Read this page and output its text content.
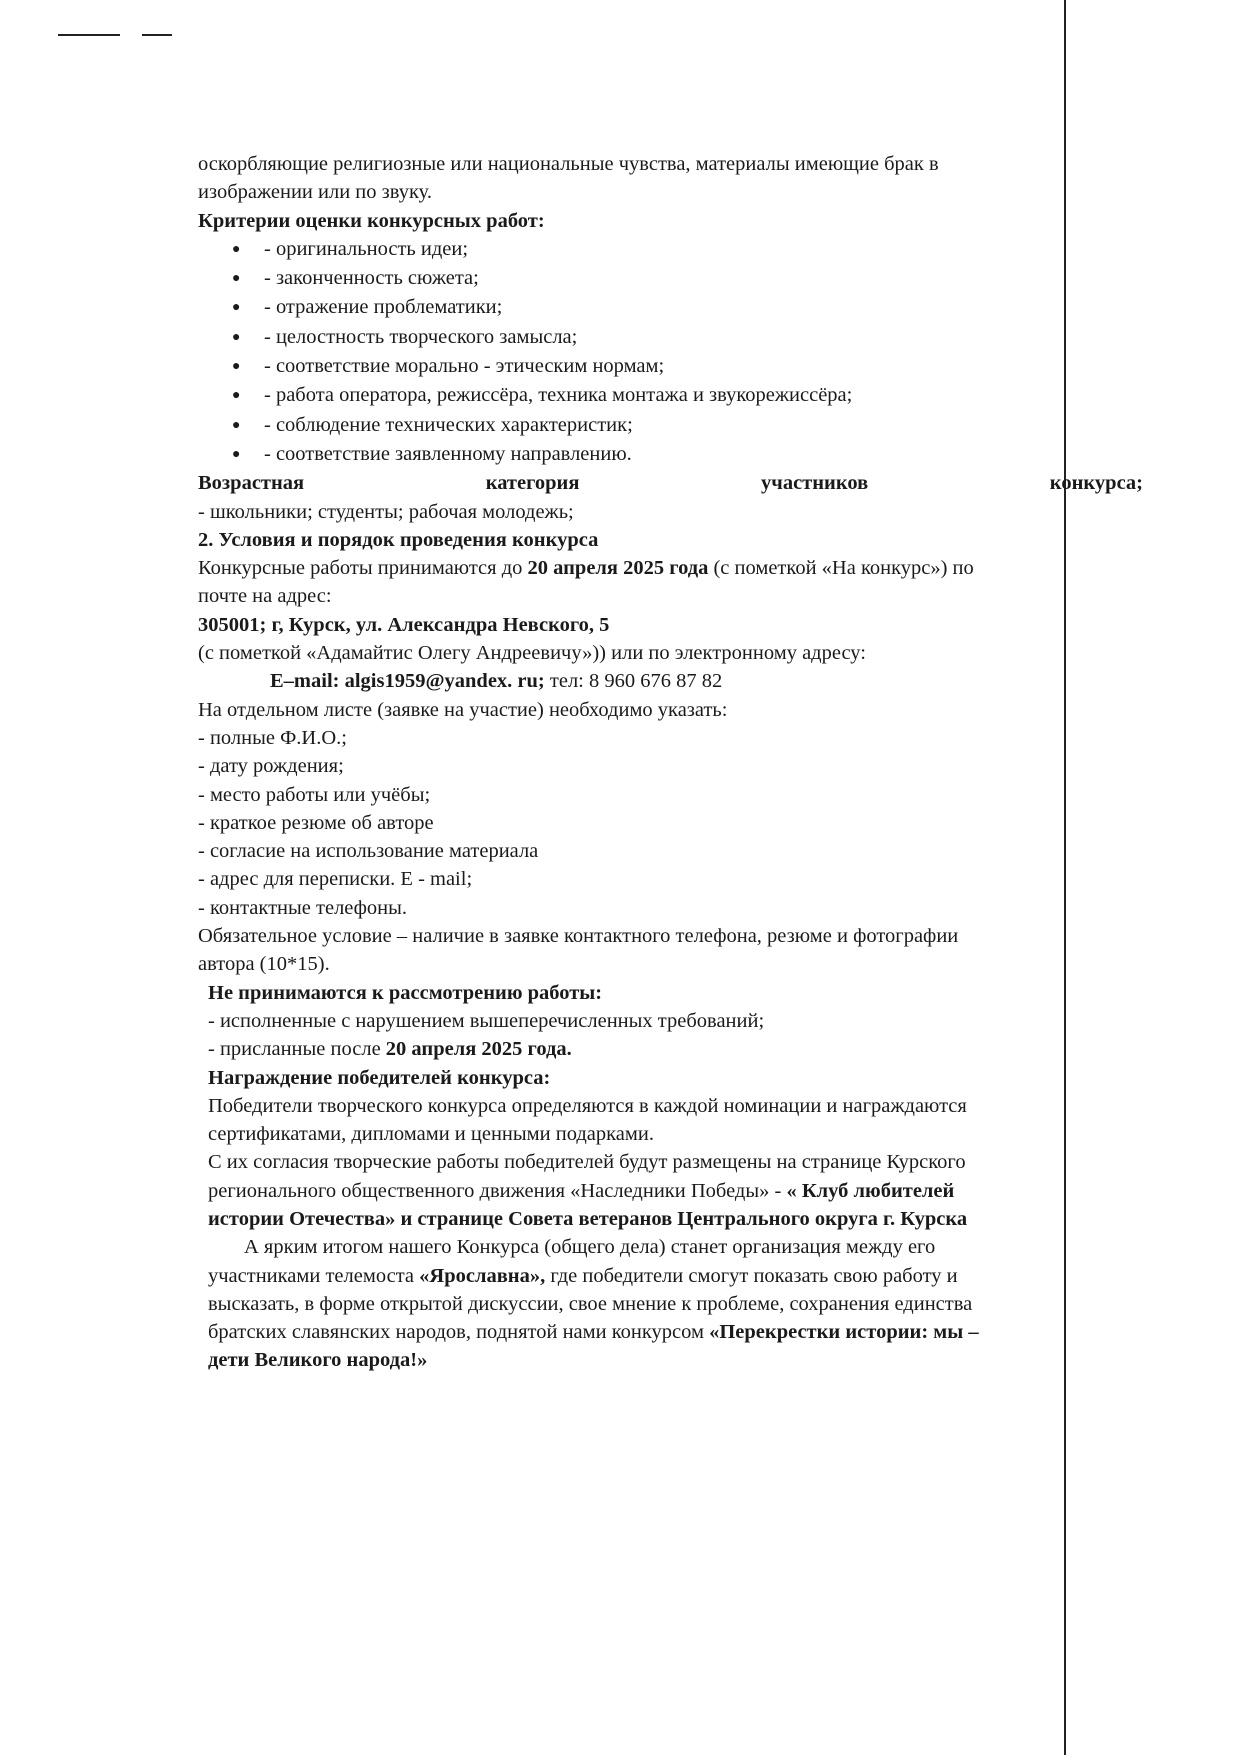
оскорбляющие религиозные или национальные чувства, материалы имеющие брак в
изображении или по звуку.
Критерии оценки конкурсных работ:
● - оригинальность идеи;
● - законченность сюжета;
● - отражение проблематики;
● - целостность творческого замысла;
● - соответствие морально - этическим нормам;
● - работа оператора, режиссёра, техника монтажа и звукорежиссёра;
● - соблюдение технических характеристик;
● - соответствие заявленному направлению.
Возрастная	категория	участников	конкурса;
- школьники; студенты; рабочая молодежь;
2. Условия и порядок проведения конкурса
Конкурсные работы принимаются до 20 апреля 2025 года (с пометкой «На конкурс») по
почте на адрес:
305001; г, Курск, ул. Александра Невского, 5
(с пометкой «Адамайтис Олегу Андреевичу»)) или по электронному адресу:
E–mail: algis1959@yandex. ru; тел: 8 960 676 87 82
На отдельном листе (заявке на участие) необходимо указать:
- полные Ф.И.О.;
- дату рождения;
- место работы или учёбы;
- краткое резюме об авторе
- согласие на использование материала
- адрес для переписки. Е - mail;
- контактные телефоны.
Обязательное условие – наличие в заявке контактного телефона, резюме и фотографии
автора (10*15).
Не принимаются к рассмотрению работы:
- исполненные с нарушением вышеперечисленных требований;
- присланные после 20 апреля 2025 года.
Награждение победителей конкурса:
Победители творческого конкурса определяются в каждой номинации и награждаются
сертификатами, дипломами и ценными подарками.
С их согласия творческие работы победителей будут размещены на странице Курского
регионального общественного движения «Наследники Победы» - « Клуб любителей
истории Отечества» и странице Совета ветеранов Центрального округа г. Курска
А ярким итогом нашего Конкурса (общего дела) станет организация между его
участниками телемоста «Ярославна», где победители смогут показать свою работу и
высказать, в форме открытой дискуссии, свое мнение к проблеме, сохранения единства
братских славянских народов, поднятой нами конкурсом «Перекрестки истории: мы –
дети Великого народа!»
